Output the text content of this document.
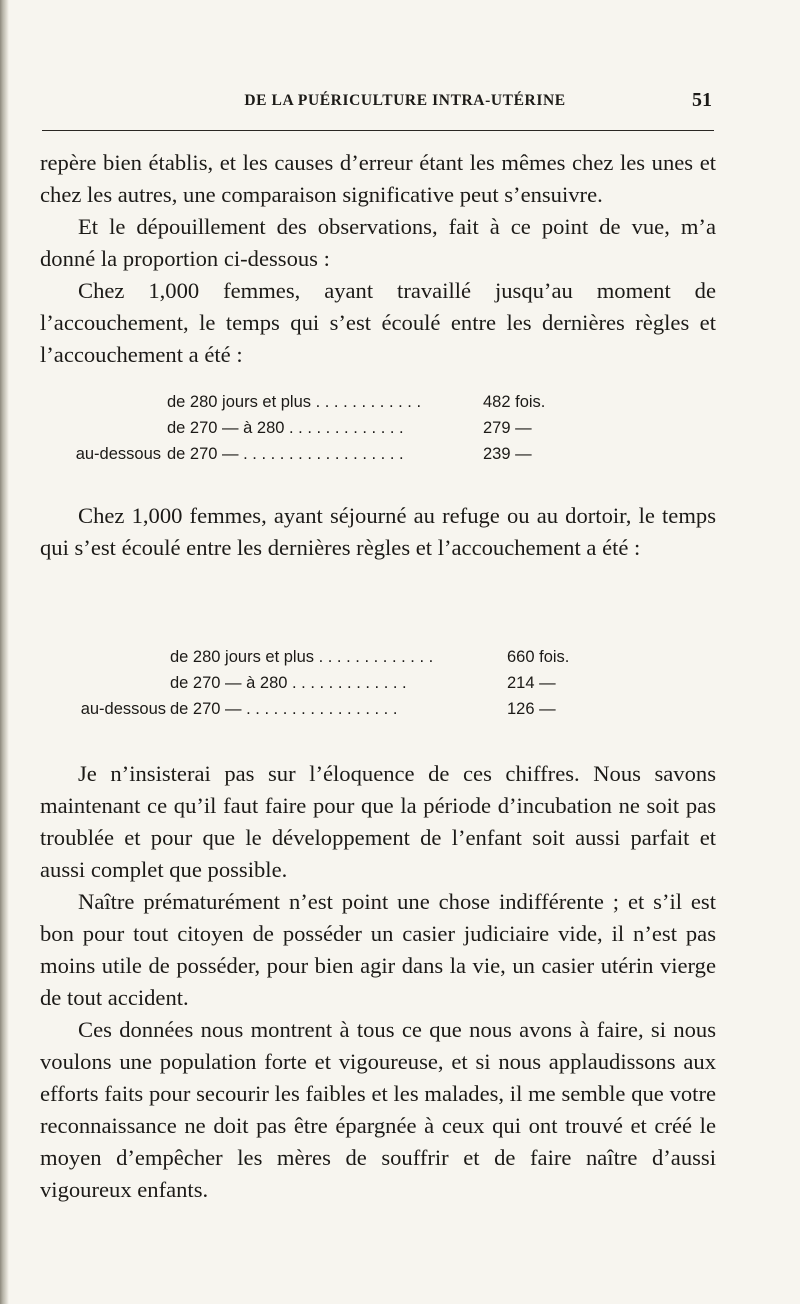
DE LA PUÉRICULTURE INTRA-UTÉRINE	51

repère bien établis, et les causes d’erreur étant les mêmes chez les unes et chez les autres, une comparaison significative peut s’ensuivre.

Et le dépouillement des observations, fait à ce point de vue, m’a donné la proportion ci-dessous :

Chez 1,000 femmes, ayant travaillé jusqu’au moment de l’accouchement, le temps qui s’est écoulé entre les dernières règles et l’accouchement a été :

de 280 jours et plus . . . . . . . . . . . .	482 fois.
de 270 — à 280 . . . . . . . . . . . . .	279 —
au-dessous de 270 — . . . . . . . . . . . . . . . . . .	239 —

Chez 1,000 femmes, ayant séjourné au refuge ou au dortoir, le temps qui s’est écoulé entre les dernières règles et l’accouchement a été :

de 280 jours et plus . . . . . . . . . . . . .	660 fois.
de 270 — à 280 . . . . . . . . . . . . .	214 —
au-dessous de 270 — . . . . . . . . . . . . . . . . .	126 —

Je n’insisterai pas sur l’éloquence de ces chiffres. Nous savons maintenant ce qu’il faut faire pour que la période d’incubation ne soit pas troublée et pour que le développement de l’enfant soit aussi parfait et aussi complet que possible.

Naître prématurément n’est point une chose indifférente ; et s’il est bon pour tout citoyen de posséder un casier judiciaire vide, il n’est pas moins utile de posséder, pour bien agir dans la vie, un casier utérin vierge de tout accident.

Ces données nous montrent à tous ce que nous avons à faire, si nous voulons une population forte et vigoureuse, et si nous applaudissons aux efforts faits pour secourir les faibles et les malades, il me semble que votre reconnaissance ne doit pas être épargnée à ceux qui ont trouvé et créé le moyen d’empêcher les mères de souffrir et de faire naître d’aussi vigoureux enfants.
